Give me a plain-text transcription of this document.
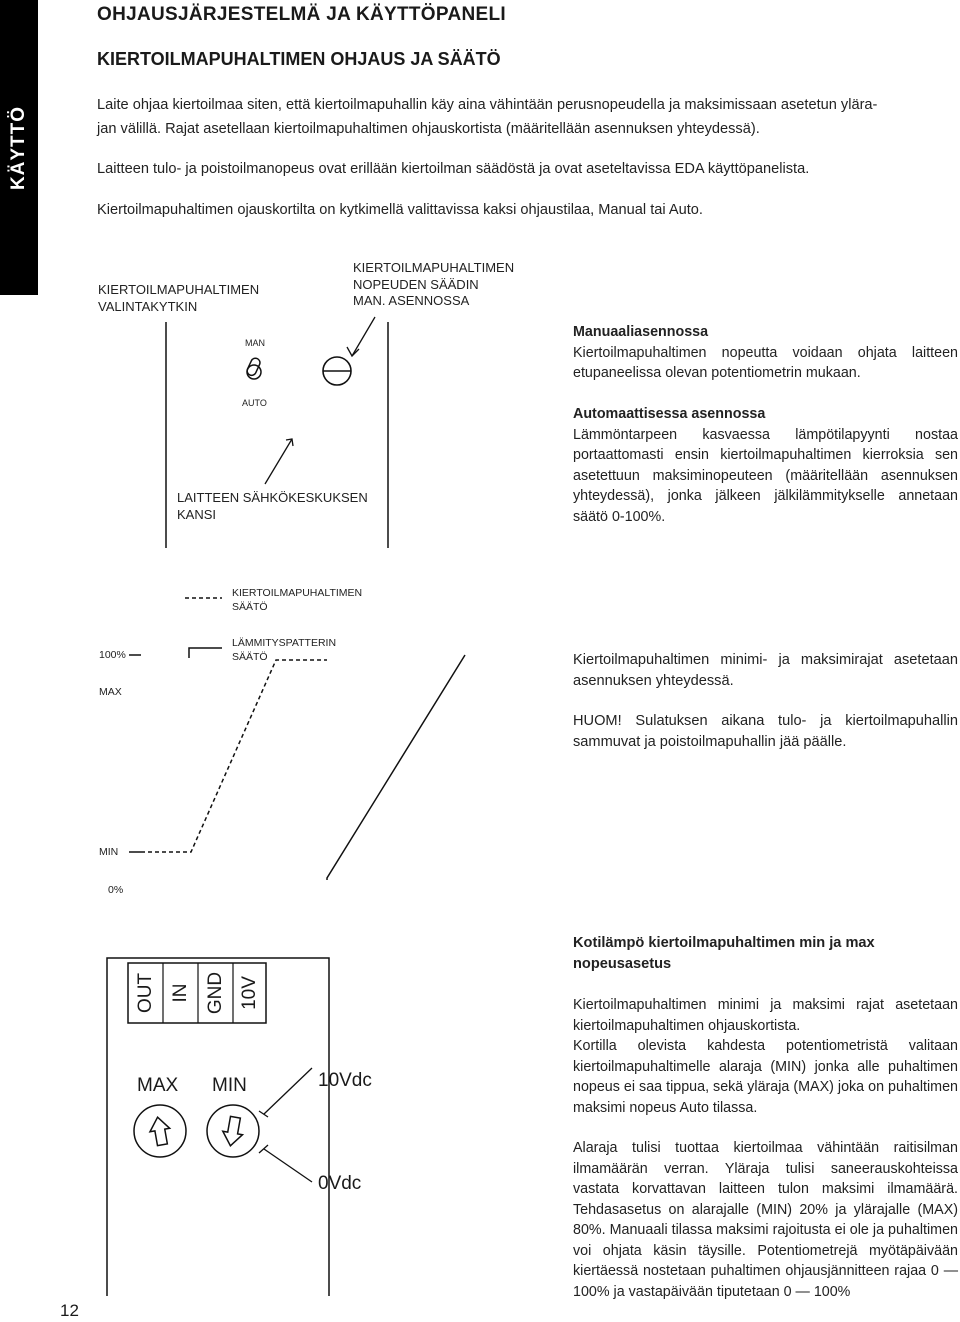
KÄYTTÖ
OHJAUSJÄRJESTELMÄ JA KÄYTTÖPANELI
KIERTOILMAPUHALTIMEN OHJAUS JA SÄÄTÖ
Laite ohjaa kiertoilmaa siten, että kiertoilmapuhallin käy aina vähintään perusnopeudella ja maksimissaan asetetun ylära-
jan välillä. Rajat asetellaan kiertoilmapuhaltimen ohjauskortista (määritellään asennuksen yhteydessä).
Laitteen tulo- ja poistoilmanopeus ovat erillään kiertoilman säädöstä ja ovat aseteltavissa EDA käyttöpanelista.
Kiertoilmapuhaltimen ojauskortilta on kytkimellä valittavissa kaksi ohjaustilaa, Manual tai Auto.
KIERTOILMAPUHALTIMEN
VALINTAKYTKIN
KIERTOILMAPUHALTIMEN
NOPEUDEN SÄÄDIN
MAN. ASENNOSSA
MAN
AUTO
LAITTEEN SÄHKÖKESKUKSEN
KANSI
Manuaaliasennossa
Kiertoilmapuhaltimen nopeutta voidaan ohjata laitteen etupaneelissa olevan potentiometrin mukaan.
Automaattisessa asennossa
Lämmöntarpeen kasvaessa lämpötilapyynti nostaa portaattomasti ensin kiertoilmapuhaltimen kierroksia sen asetettuun maksiminopeuteen (määritellään asennuksen yhteydessä), jonka jälkeen jälkilämmitykselle annetaan säätö 0-100%.
KIERTOILMAPUHALTIMEN
SÄÄTÖ
LÄMMITYSPATTERIN
SÄÄTÖ
100%
MAX
MIN
0%
Kiertoilmapuhaltimen minimi- ja maksimirajat asetetaan asennuksen yhteydessä.
HUOM! Sulatuksen aikana tulo- ja kiertoilmapuhallin sammuvat ja poistoilmapuhallin jää päälle.
OUT IN GND 10V
MAX MIN	10Vdc
0Vdc
Kotilämpö kiertoilmapuhaltimen min ja max nopeusasetus
Kiertoilmapuhaltimen minimi ja maksimi rajat asetetaan kiertoilmapuhaltimen ohjauskortista.
Kortilla olevista kahdesta potentiometristä valitaan kiertoilmapuhaltimelle alaraja (MIN) jonka alle puhaltimen nopeus ei saa tippua, sekä yläraja (MAX) joka on puhaltimen maksimi nopeus Auto tilassa.
Alaraja tulisi tuottaa kiertoilmaa vähintään raitisilman ilmamäärän verran. Yläraja tulisi saneerauskohteissa vastata korvattavan laitteen tulon maksimi ilmamäärä. Tehdasasetus on alarajalle (MIN) 20% ja ylärajalle (MAX) 80%. Manuaali tilassa maksimi rajoitusta ei ole ja puhaltimen voi ohjata käsin täysille. Potentiometrejä myötäpäivään kiertäessä nostetaan puhaltimen ohjausjännitteen rajaa 0 — 100% ja vastapäivään tiputetaan 0 — 100%
12
